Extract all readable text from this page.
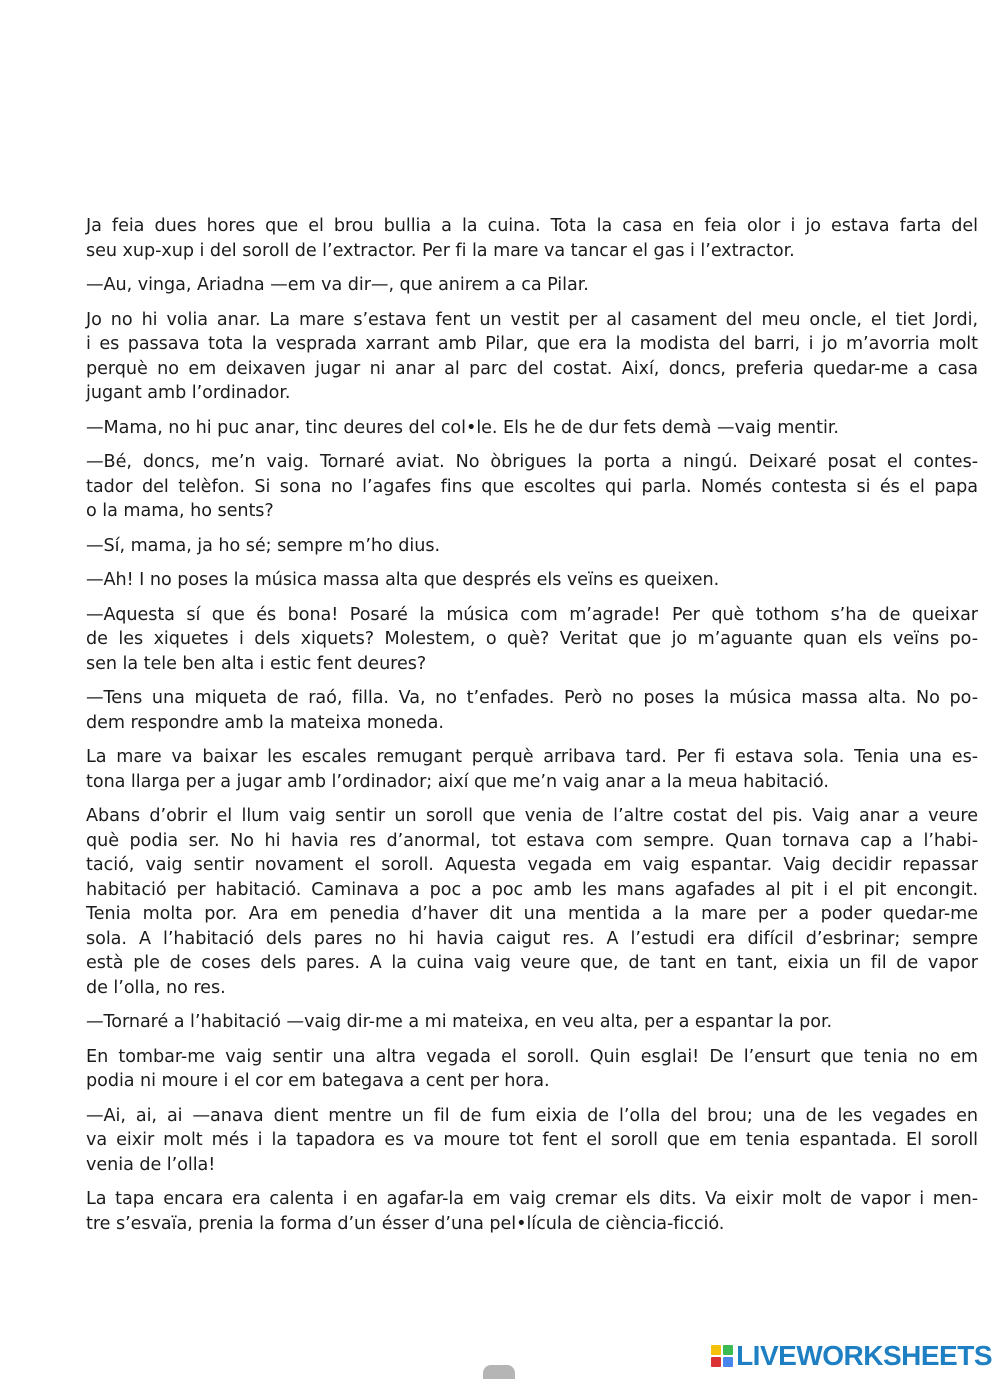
Ja feia dues hores que el brou bullia a la cuina. Tota la casa en feia olor i jo estava farta del
seu xup-xup i del soroll de l’extractor. Per fi la mare va tancar el gas i l’extractor.

—Au, vinga, Ariadna —em va dir—, que anirem a ca Pilar.

Jo no hi volia anar. La mare s’estava fent un vestit per al casament del meu oncle, el tiet Jordi,
i es passava tota la vesprada xarrant amb Pilar, que era la modista del barri, i jo m’avorria molt
perquè no em deixaven jugar ni anar al parc del costat. Així, doncs, preferia quedar-me a casa
jugant amb l’ordinador.

—Mama, no hi puc anar, tinc deures del col•le. Els he de dur fets demà —vaig mentir.

—Bé, doncs, me’n vaig. Tornaré aviat. No òbrigues la porta a ningú. Deixaré posat el contes-
tador del telèfon. Si sona no l’agafes fins que escoltes qui parla. Només contesta si és el papa
o la mama, ho sents?

—Sí, mama, ja ho sé; sempre m’ho dius.

—Ah! I no poses la música massa alta que després els veïns es queixen.

—Aquesta sí que és bona! Posaré la música com m’agrade! Per què tothom s’ha de queixar
de les xiquetes i dels xiquets? Molestem, o què? Veritat que jo m’aguante quan els veïns po-
sen la tele ben alta i estic fent deures?

—Tens una miqueta de raó, filla. Va, no t’enfades. Però no poses la música massa alta. No po-
dem respondre amb la mateixa moneda.

La mare va baixar les escales remugant perquè arribava tard. Per fi estava sola. Tenia una es-
tona llarga per a jugar amb l’ordinador; així que me’n vaig anar a la meua habitació.

Abans d’obrir el llum vaig sentir un soroll que venia de l’altre costat del pis. Vaig anar a veure
què podia ser. No hi havia res d’anormal, tot estava com sempre. Quan tornava cap a l’habi-
tació, vaig sentir novament el soroll. Aquesta vegada em vaig espantar. Vaig decidir repassar
habitació per habitació. Caminava a poc a poc amb les mans agafades al pit i el pit encongit.
Tenia molta por. Ara em penedia d’haver dit una mentida a la mare per a poder quedar-me
sola. A l’habitació dels pares no hi havia caigut res. A l’estudi era difícil d’esbrinar; sempre
està ple de coses dels pares. A la cuina vaig veure que, de tant en tant, eixia un fil de vapor
de l’olla, no res.

—Tornaré a l’habitació —vaig dir-me a mi mateixa, en veu alta, per a espantar la por.

En tombar-me vaig sentir una altra vegada el soroll. Quin esglai! De l’ensurt que tenia no em
podia ni moure i el cor em bategava a cent per hora.

—Ai, ai, ai —anava dient mentre un fil de fum eixia de l’olla del brou; una de les vegades en
va eixir molt més i la tapadora es va moure tot fent el soroll que em tenia espantada. El soroll
venia de l’olla!

La tapa encara era calenta i en agafar-la em vaig cremar els dits. Va eixir molt de vapor i men-
tre s’esvaïa, prenia la forma d’un ésser d’una pel•lícula de ciència-ficció.

LIVEWORKSHEETS
